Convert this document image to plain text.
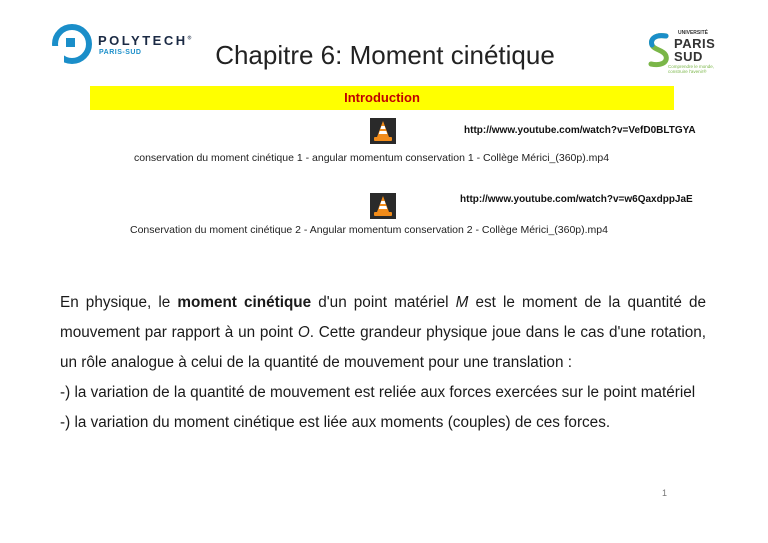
POLYTECH®
PARIS-SUD	Chapitre 6: Moment cinétique
UNIVERSITÉ
PARIS
SUD
Comprendre le monde, construire l'avenir®
Introduction
http://www.youtube.com/watch?v=VefD0BLTGYA
conservation du moment cinétique 1 - angular momentum conservation 1 - Collège Mérici_(360p).mp4
http://www.youtube.com/watch?v=w6QaxdppJaE
Conservation du moment cinétique 2 - Angular momentum conservation 2 - Collège Mérici_(360p).mp4
En physique, le moment cinétique d'un point matériel M est le moment de la quantité de mouvement par rapport à un point O. Cette grandeur physique joue dans le cas d'une rotation, un rôle analogue à celui de la quantité de mouvement pour une translation :
-) la variation de la quantité de mouvement est reliée aux forces exercées sur le point matériel
-) la variation du moment cinétique est liée aux moments (couples) de ces forces.
1
